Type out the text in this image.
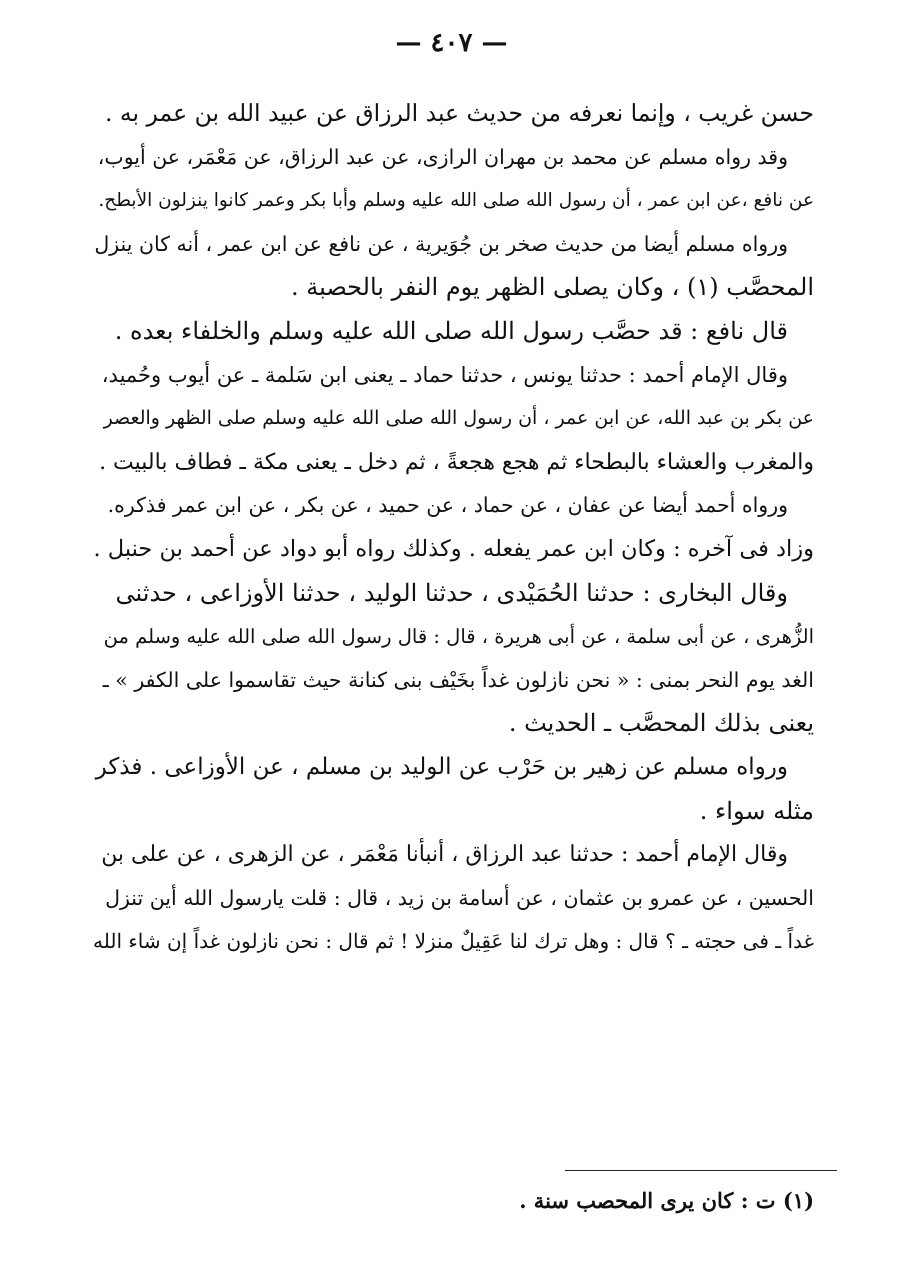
— ٤٠٧ —
حسن غريب ، وإنما نعرفه من حديث عبد الرزاق عن عبيد الله بن عمر به .
وقد رواه مسلم عن محمد بن مهران الرازى، عن عبد الرزاق، عن مَعْمَر، عن أيوب،
عن نافع ،عن ابن عمر ، أن رسول الله صلى الله عليه وسلم وأبا بكر وعمر كانوا ينزلون الأبطح.
ورواه مسلم أيضا من حديث صخر بن جُوَيرية ، عن نافع عن ابن عمر ، أنه كان ينزل
المحصَّب (١) ، وكان يصلى الظهر يوم النفر بالحصبة .
قال نافع : قد حصَّب رسول الله صلى الله عليه وسلم والخلفاء بعده .
وقال الإمام أحمد : حدثنا يونس ، حدثنا حماد ـ يعنى ابن سَلمة ـ عن أيوب وحُميد،
عن بكر بن عبد الله، عن ابن عمر ، أن رسول الله صلى الله عليه وسلم صلى الظهر والعصر
والمغرب والعشاء بالبطحاء ثم هجع هجعةً ، ثم دخل ـ يعنى مكة ـ فطاف بالبيت .
ورواه أحمد أيضا عن عفان ، عن حماد ، عن حميد ، عن بكر ، عن ابن عمر فذكره.
وزاد فى آخره : وكان ابن عمر يفعله . وكذلك رواه أبو دواد عن أحمد بن حنبل .
وقال البخارى : حدثنا الحُمَيْدى ، حدثنا الوليد ، حدثنا الأوزاعى ، حدثنى
الزُّهرى ، عن أبى سلمة ، عن أبى هريرة ، قال : قال رسول الله صلى الله عليه وسلم من
الغد يوم النحر بمنى : « نحن نازلون غداً بخَيْف بنى كنانة حيث تقاسموا على الكفر » ـ
يعنى بذلك المحصَّب ـ الحديث .
ورواه مسلم عن زهير بن حَرْب عن الوليد بن مسلم ، عن الأوزاعى . فذكر
مثله سواء .
وقال الإمام أحمد : حدثنا عبد الرزاق ، أنبأنا مَعْمَر ، عن الزهرى ، عن على بن
الحسين ، عن عمرو بن عثمان ، عن أسامة بن زيد ، قال : قلت يارسول الله أين تنزل
غداً ـ فى حجته ـ ؟ قال : وهل ترك لنا عَقِيلٌ منزلا ! ثم قال : نحن نازلون غداً إن شاء الله
(١) ت : كان يرى المحصب سنة .
